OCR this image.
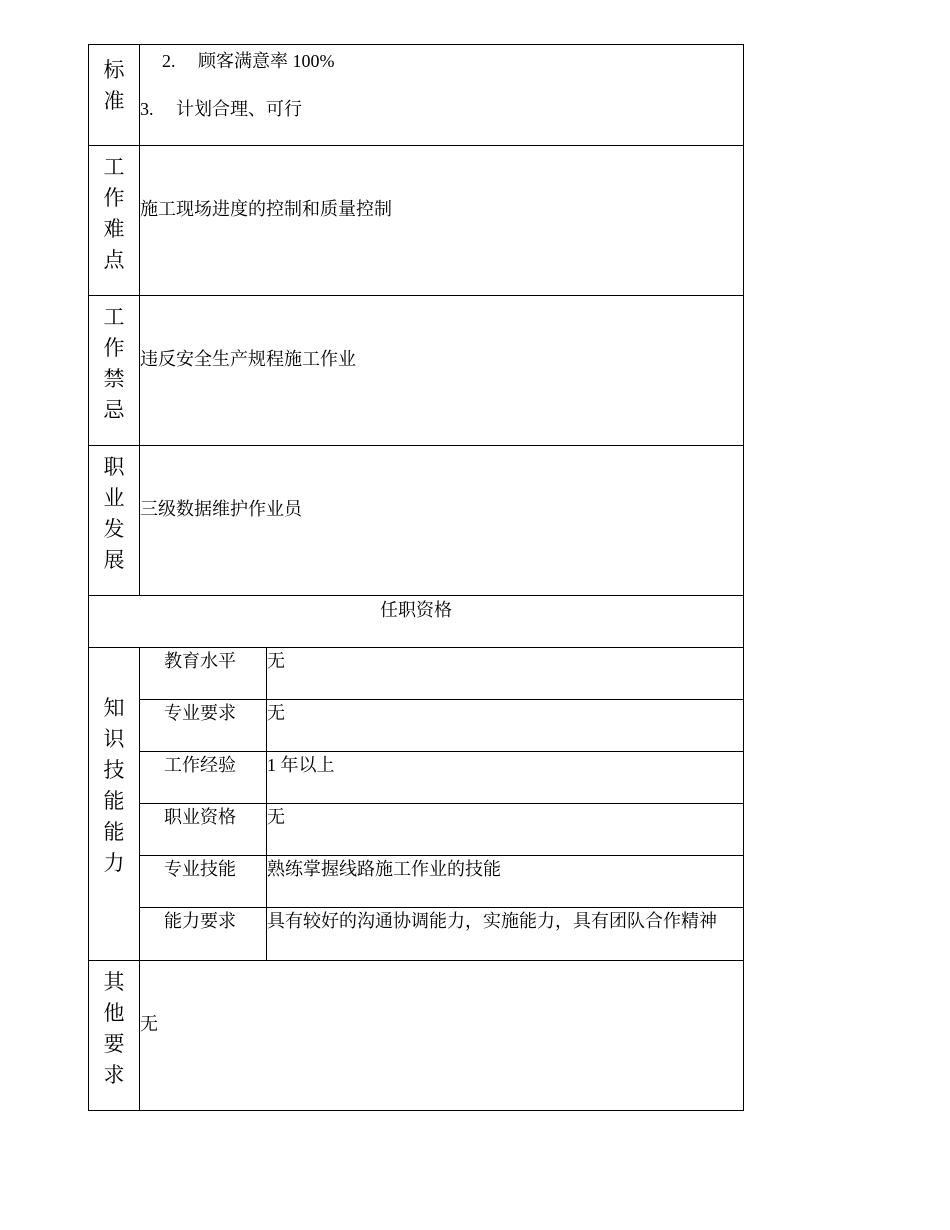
标准	2. 顾客满意率 100%
3. 计划合理、可行	

工作难点	施工现场进度的控制和质量控制	
工作禁忌	违反安全生产规程施工作业	
职业发展	三级数据维护作业员	
任职资格		
知识技能能力	教育水平	无
	专业要求	无
	工作经验	1 年以上
	职业资格	无
	专业技能	熟练掌握线路施工作业的技能
	能力要求	具有较好的沟通协调能力，实施能力，具有团队合作精神
其他要求	无	
